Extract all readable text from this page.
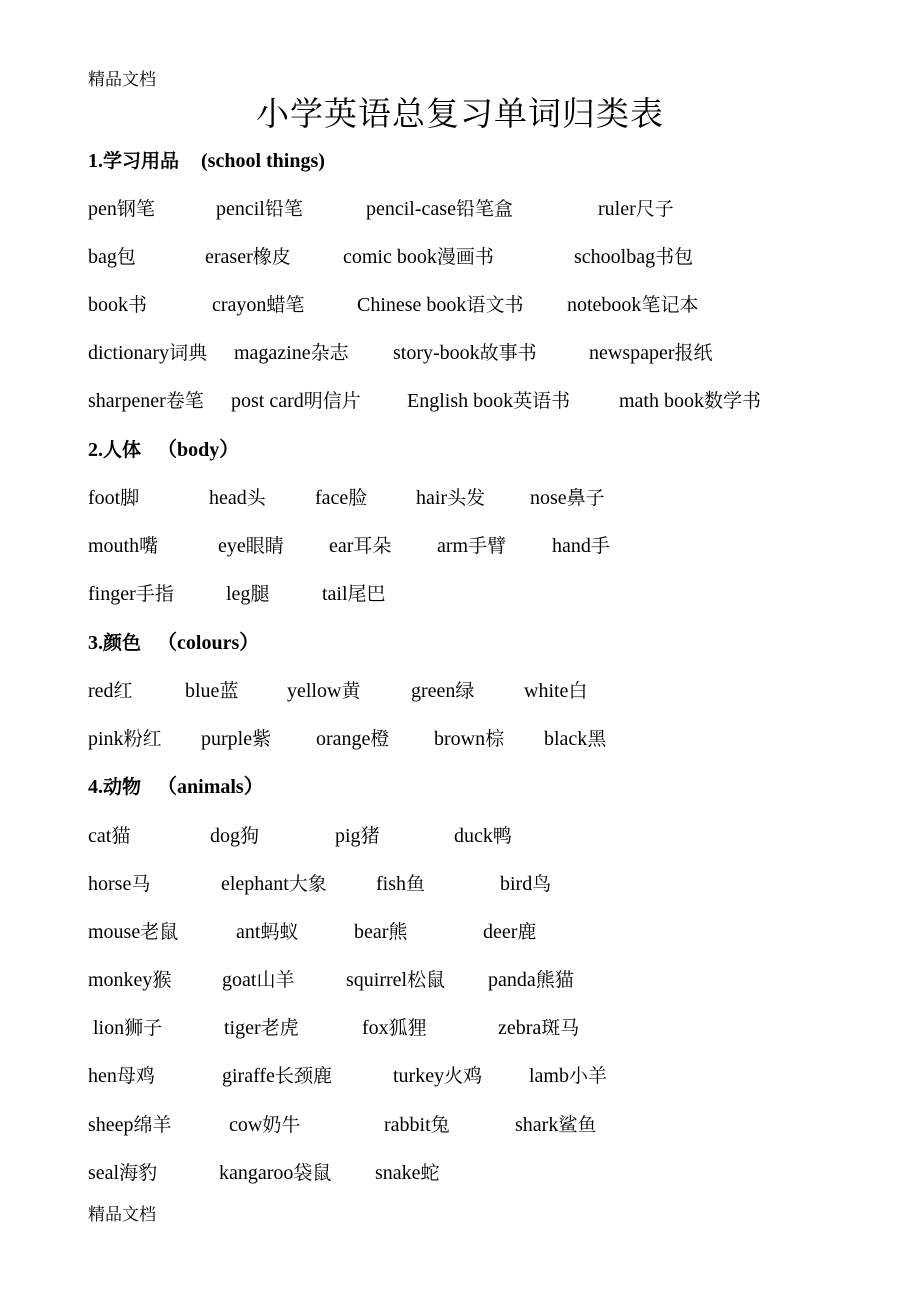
精品文档
小学英语总复习单词归类表
1.学习用品 (school things)
pen钢笔	pencil铅笔	pencil-case铅笔盒	ruler尺子
bag包	eraser橡皮	comic book漫画书	schoolbag书包
book书	crayon蜡笔	Chinese book语文书 notebook笔记本
dictionary词典 magazine杂志 story-book故事书	newspaper报纸
sharpener卷笔 post card明信片 English book英语书 math book数学书
2.人体 （body）
foot脚	head头 face脸 hair头发 nose鼻子
mouth嘴	eye眼睛 ear耳朵 arm手臂 hand手
finger手指	leg腿	tail尾巴
3.颜色 （colours）
red红	blue蓝 yellow黄	green绿 white白
pink粉红 purple紫 orange橙 brown棕 black黑
4.动物 （animals）
cat猫	dog狗	pig猪	duck鸭
horse马	elephant大象 fish鱼	bird鸟
mouse老鼠	ant蚂蚁	bear熊	deer鹿
monkey猴	goat山羊	squirrel松鼠 panda熊猫
lion狮子	tiger老虎	fox狐狸	zebra斑马
hen母鸡	giraffe长颈鹿	turkey火鸡 lamb小羊
sheep绵羊	cow奶牛	rabbit兔	shark鲨鱼
seal海豹	kangaroo袋鼠 snake蛇
精品文档
